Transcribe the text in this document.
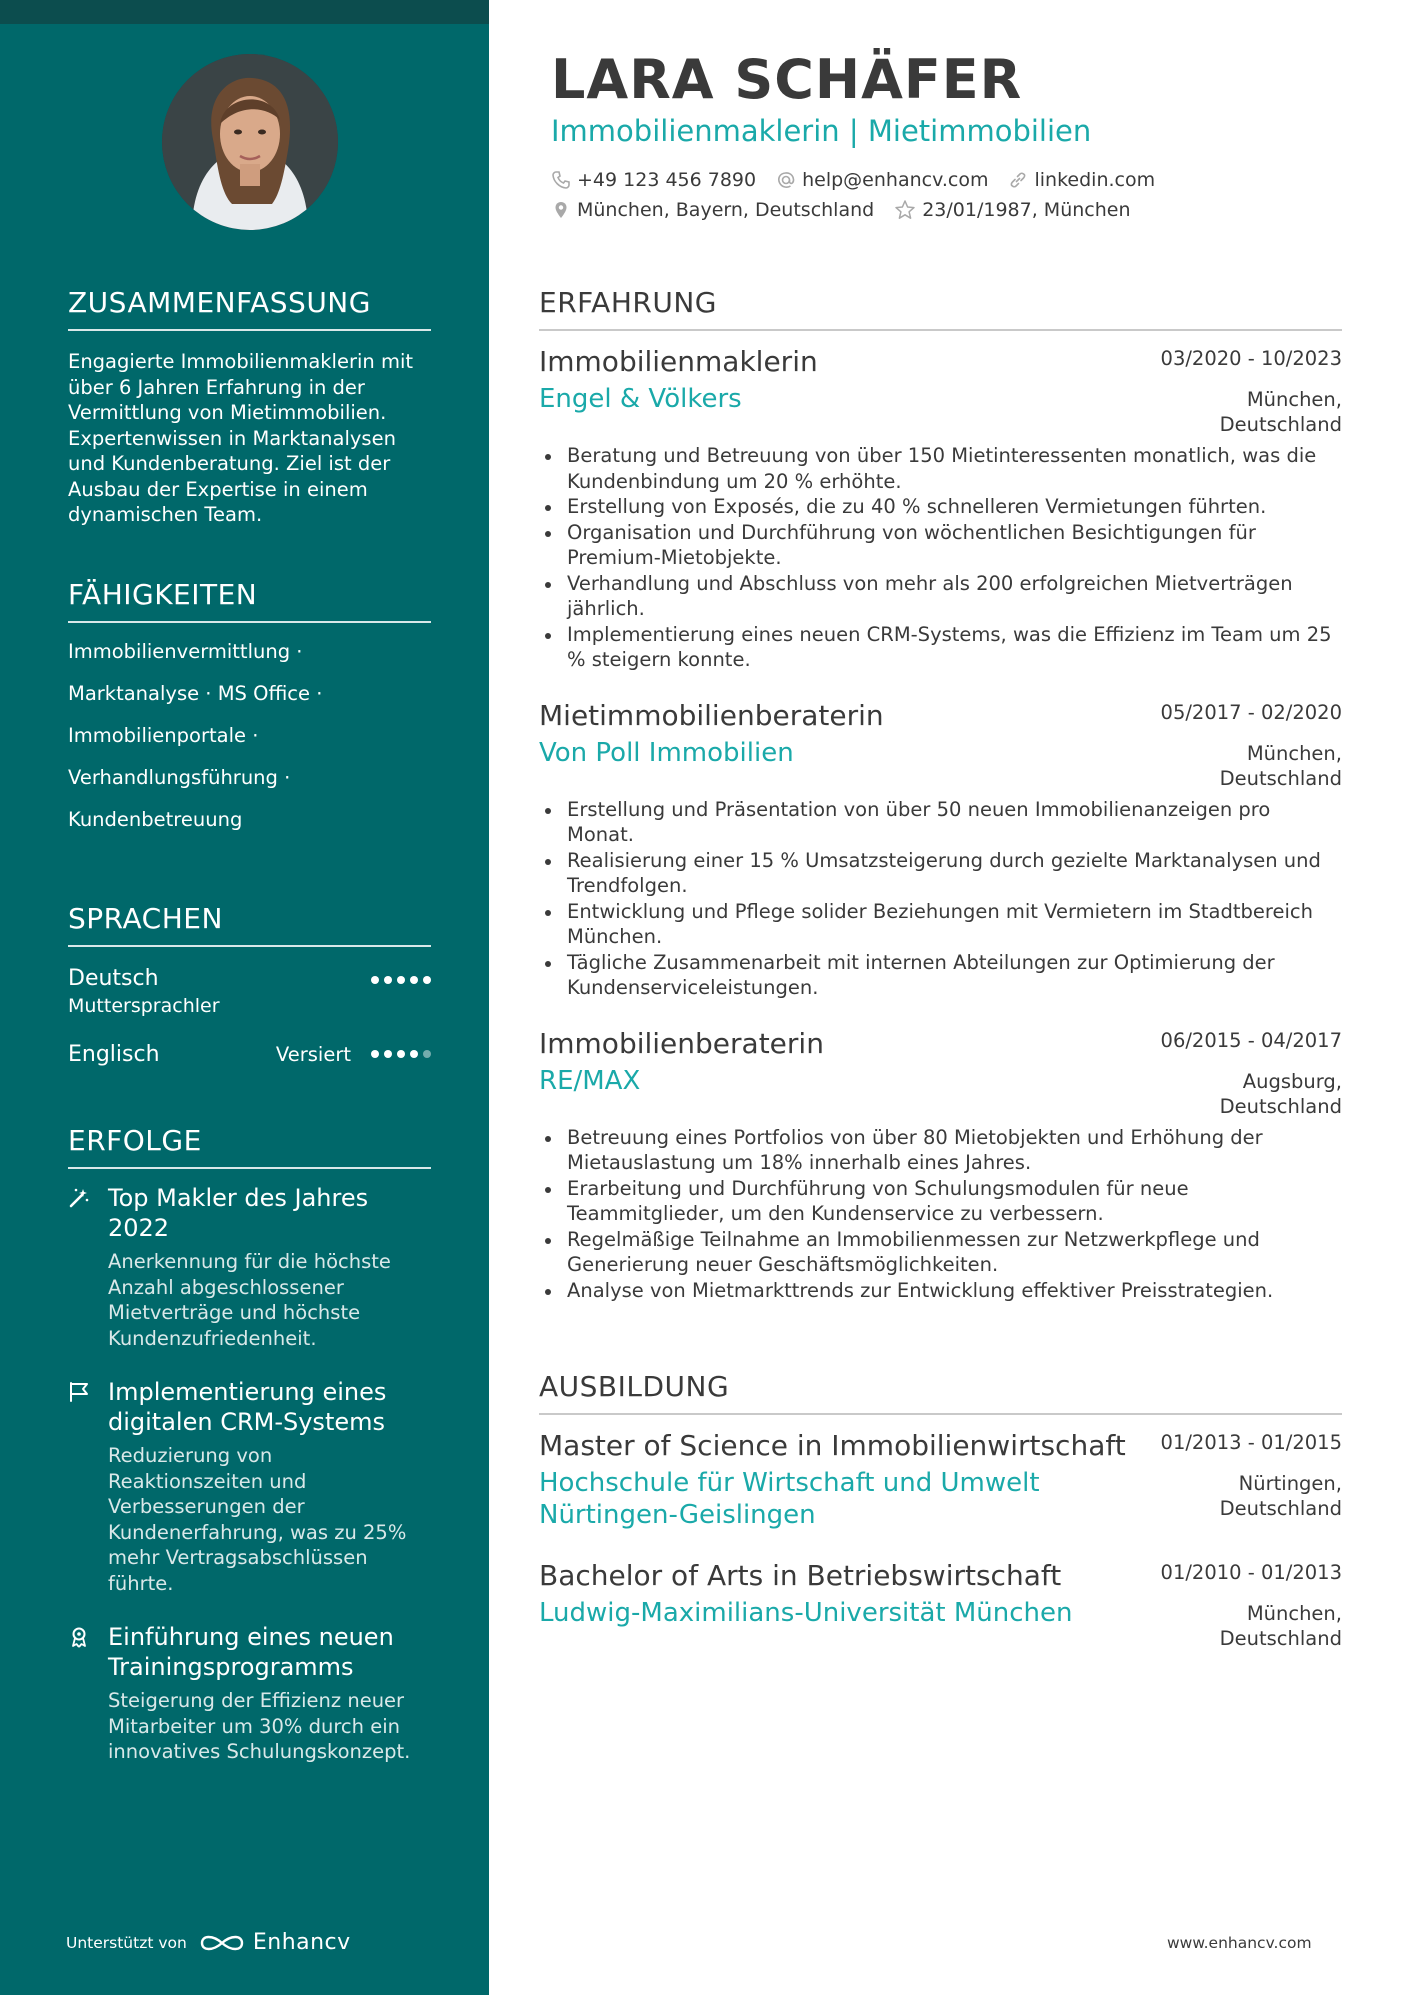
ZUSAMMENFASSUNG
Engagierte Immobilienmaklerin mit über 6 Jahren Erfahrung in der Vermittlung von Mietimmobilien. Expertenwissen in Marktanalysen und Kundenberatung. Ziel ist der Ausbau der Expertise in einem dynamischen Team.
FÄHIGKEITEN
Immobilienvermittlung ·
Marktanalyse · MS Office ·
Immobilienportale ·
Verhandlungsführung ·
Kundenbetreuung
SPRACHEN
Deutsch
Muttersprachler
Englisch	Versiert
ERFOLGE
Top Makler des Jahres 2022
Anerkennung für die höchste Anzahl abgeschlossener Mietverträge und höchste Kundenzufriedenheit.
Implementierung eines digitalen CRM-Systems
Reduzierung von Reaktionszeiten und Verbesserungen der Kundenerfahrung, was zu 25% mehr Vertragsabschlüssen führte.
Einführung eines neuen Trainingsprogramms
Steigerung der Effizienz neuer Mitarbeiter um 30% durch ein innovatives Schulungskonzept.
Unterstützt von	Enhancv
LARA SCHÄFER
Immobilienmaklerin | Mietimmobilien
+49 123 456 7890 help@enhancv.com linkedin.com
München, Bayern, Deutschland	23/01/1987, München
ERFAHRUNG
Immobilienmaklerin	03/2020 - 10/2023
Engel & Völkers	München,
Deutschland
Beratung und Betreuung von über 150 Mietinteressenten monatlich, was die Kundenbindung um 20 % erhöhte.
Erstellung von Exposés, die zu 40 % schnelleren Vermietungen führten.
Organisation und Durchführung von wöchentlichen Besichtigungen für Premium-Mietobjekte.
Verhandlung und Abschluss von mehr als 200 erfolgreichen Mietverträgen jährlich.
Implementierung eines neuen CRM-Systems, was die Effizienz im Team um 25 % steigern konnte.
Mietimmobilienberaterin	05/2017 - 02/2020
Von Poll Immobilien	München,
Deutschland
Erstellung und Präsentation von über 50 neuen Immobilienanzeigen pro Monat.
Realisierung einer 15 % Umsatzsteigerung durch gezielte Marktanalysen und Trendfolgen.
Entwicklung und Pflege solider Beziehungen mit Vermietern im Stadtbereich München.
Tägliche Zusammenarbeit mit internen Abteilungen zur Optimierung der Kundenserviceleistungen.
Immobilienberaterin	06/2015 - 04/2017
RE/MAX	Augsburg,
Deutschland
Betreuung eines Portfolios von über 80 Mietobjekten und Erhöhung der Mietauslastung um 18% innerhalb eines Jahres.
Erarbeitung und Durchführung von Schulungsmodulen für neue Teammitglieder, um den Kundenservice zu verbessern.
Regelmäßige Teilnahme an Immobilienmessen zur Netzwerkpflege und Generierung neuer Geschäftsmöglichkeiten.
Analyse von Mietmarkttrends zur Entwicklung effektiver Preisstrategien.
AUSBILDUNG
Master of Science in Immobilienwirtschaft 01/2013 - 01/2015
Hochschule für Wirtschaft und Umwelt Nürtingen-Geislingen
Nürtingen,
Deutschland
Bachelor of Arts in Betriebswirtschaft	01/2010 - 01/2013
Ludwig-Maximilians-Universität München	München,
Deutschland
www.enhancv.com
